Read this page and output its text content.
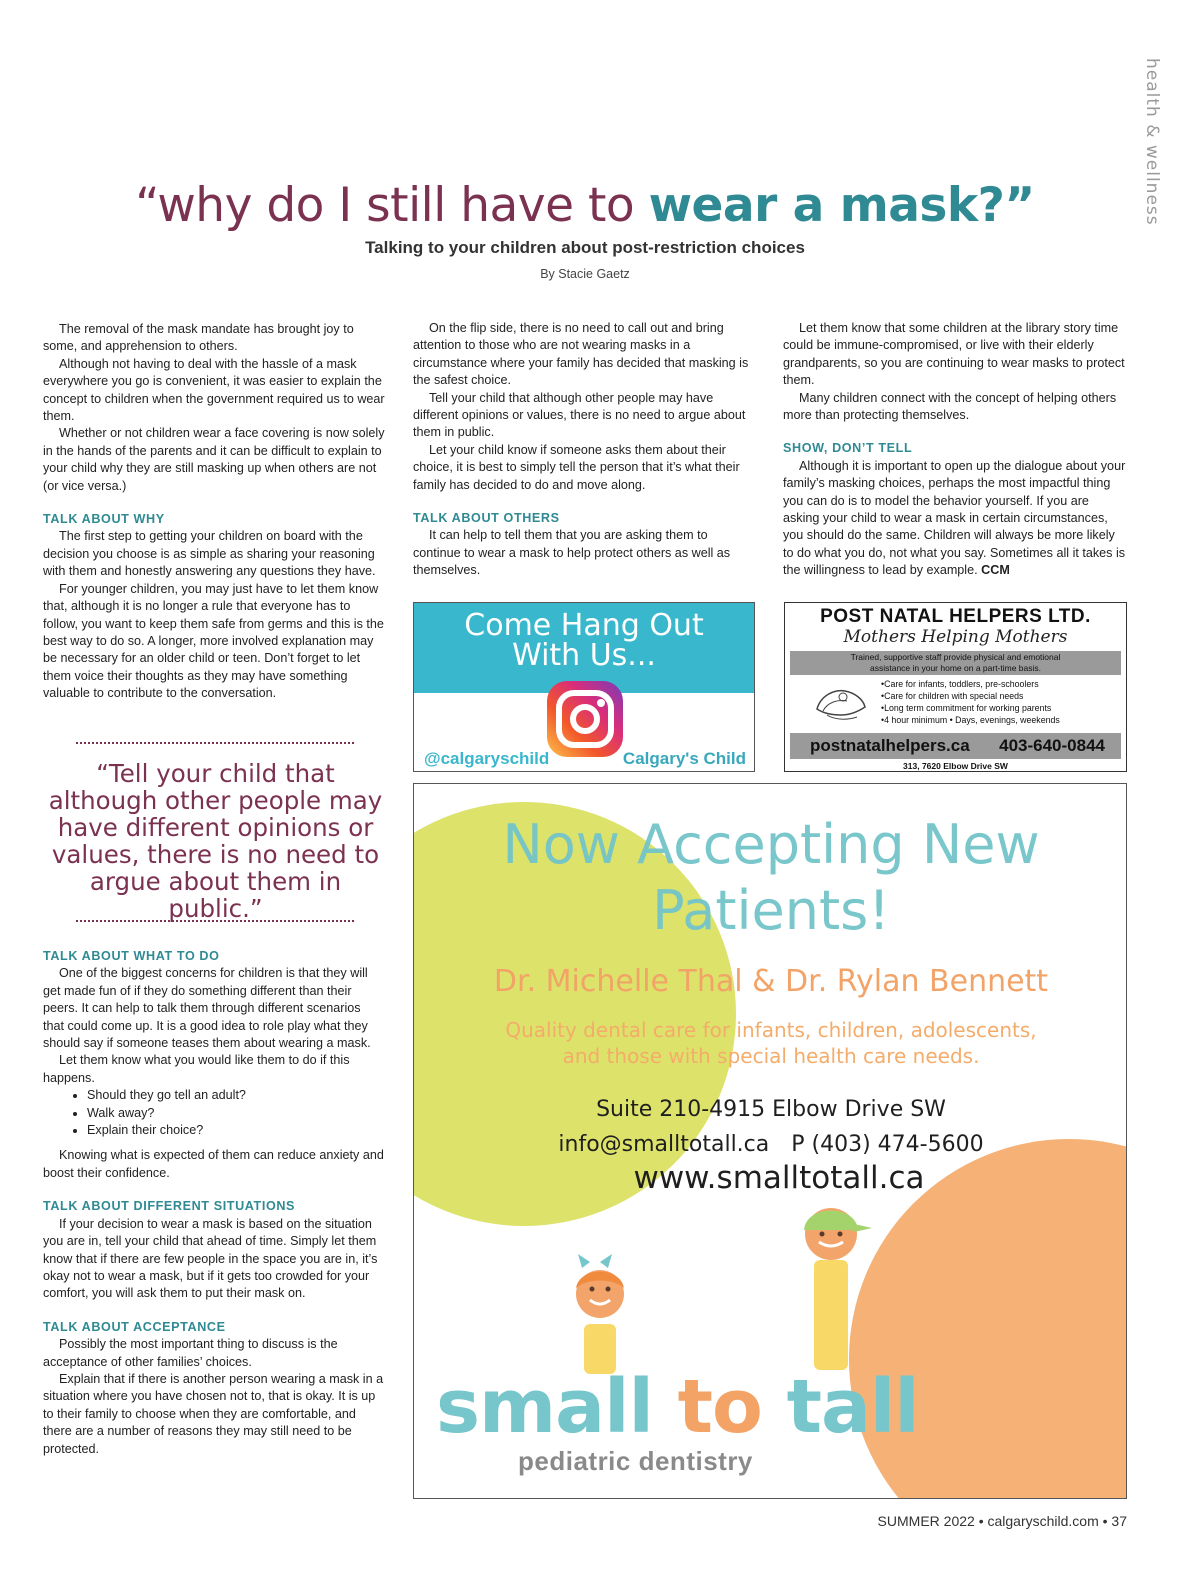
health & wellness
“why do I still have to wear a mask?”
Talking to your children about post-restriction choices
By Stacie Gaetz

The removal of the mask mandate has brought joy to some, and apprehension to others.

Although not having to deal with the hassle of a mask everywhere you go is convenient, it was easier to explain the concept to children when the government required us to wear them.

Whether or not children wear a face covering is now solely in the hands of the parents and it can be difficult to explain to your child why they are still masking up when others are not (or vice versa.)

TALK ABOUT WHY

The first step to getting your children on board with the decision you choose is as simple as sharing your reasoning with them and honestly answering any questions they have.

For younger children, you may just have to let them know that, although it is no longer a rule that everyone has to follow, you want to keep them safe from germs and this is the best way to do so. A longer, more involved explanation may be necessary for an older child or teen. Don’t forget to let them voice their thoughts as they may have something valuable to contribute to the conversation.

“Tell your child that although other people may have different opinions or values, there is no need to argue about them in public.”
TALK ABOUT WHAT TO DO

One of the biggest concerns for children is that they will get made fun of if they do something different than their peers. It can help to talk them through different scenarios that could come up. It is a good idea to role play what they should say if someone teases them about wearing a mask.

Let them know what you would like them to do if this happens.

• Should they go tell an adult?
• Walk away?
• Explain their choice?

Knowing what is expected of them can reduce anxiety and boost their confidence.

TALK ABOUT DIFFERENT SITUATIONS

If your decision to wear a mask is based on the situation you are in, tell your child that ahead of time. Simply let them know that if there are few people in the space you are in, it’s okay not to wear a mask, but if it gets too crowded for your comfort, you will ask them to put their mask on.

TALK ABOUT ACCEPTANCE

Possibly the most important thing to discuss is the acceptance of other families’ choices.

Explain that if there is another person wearing a mask in a situation where you have chosen not to, that is okay. It is up to their family to choose when they are comfortable, and there are a number of reasons they may still need to be protected.

On the flip side, there is no need to call out and bring attention to those who are not wearing masks in a circumstance where your family has decided that masking is the safest choice.

Tell your child that although other people may have different opinions or values, there is no need to argue about them in public.

Let your child know if someone asks them about their choice, it is best to simply tell the person that it’s what their family has decided to do and move along.

TALK ABOUT OTHERS

It can help to tell them that you are asking them to continue to wear a mask to help protect others as well as themselves.

Let them know that some children at the library story time could be immune-compromised, or live with their elderly grandparents, so you are continuing to wear masks to protect them.

Many children connect with the concept of helping others more than protecting themselves.

SHOW, DON’T TELL

Although it is important to open up the dialogue about your family’s masking choices, perhaps the most impactful thing you can do is to model the behavior yourself. If you are asking your child to wear a mask in certain circumstances, you should do the same. Children will always be more likely to do what you do, not what you say. Sometimes all it takes is the willingness to lead by example. CCM

Come Hang Out
With Us...
@calgaryschild	Calgary's Child
POST NATAL HELPERS LTD.
Mothers Helping Mothers
Trained, supportive staff provide physical and emotional
assistance in your home on a part-time basis.
• Care for infants, toddlers, pre-schoolers
• Care for children with special needs
• Long term commitment for working parents
• 4 hour minimum • Days, evenings, weekends
postnatalhelpers.ca 403-640-0844
313, 7620 Elbow Drive SW
Now Accepting New
Patients!
Dr. Michelle Thal & Dr. Rylan Bennett
Quality dental care for infants, children, adolescents,
and those with special health care needs.
Suite 210-4915 Elbow Drive SW
info@smalltotall.ca P (403) 474-5600
www.smalltotall.ca
small to tall
pediatric dentistry
SUMMER 2022 • calgaryschild.com • 37
